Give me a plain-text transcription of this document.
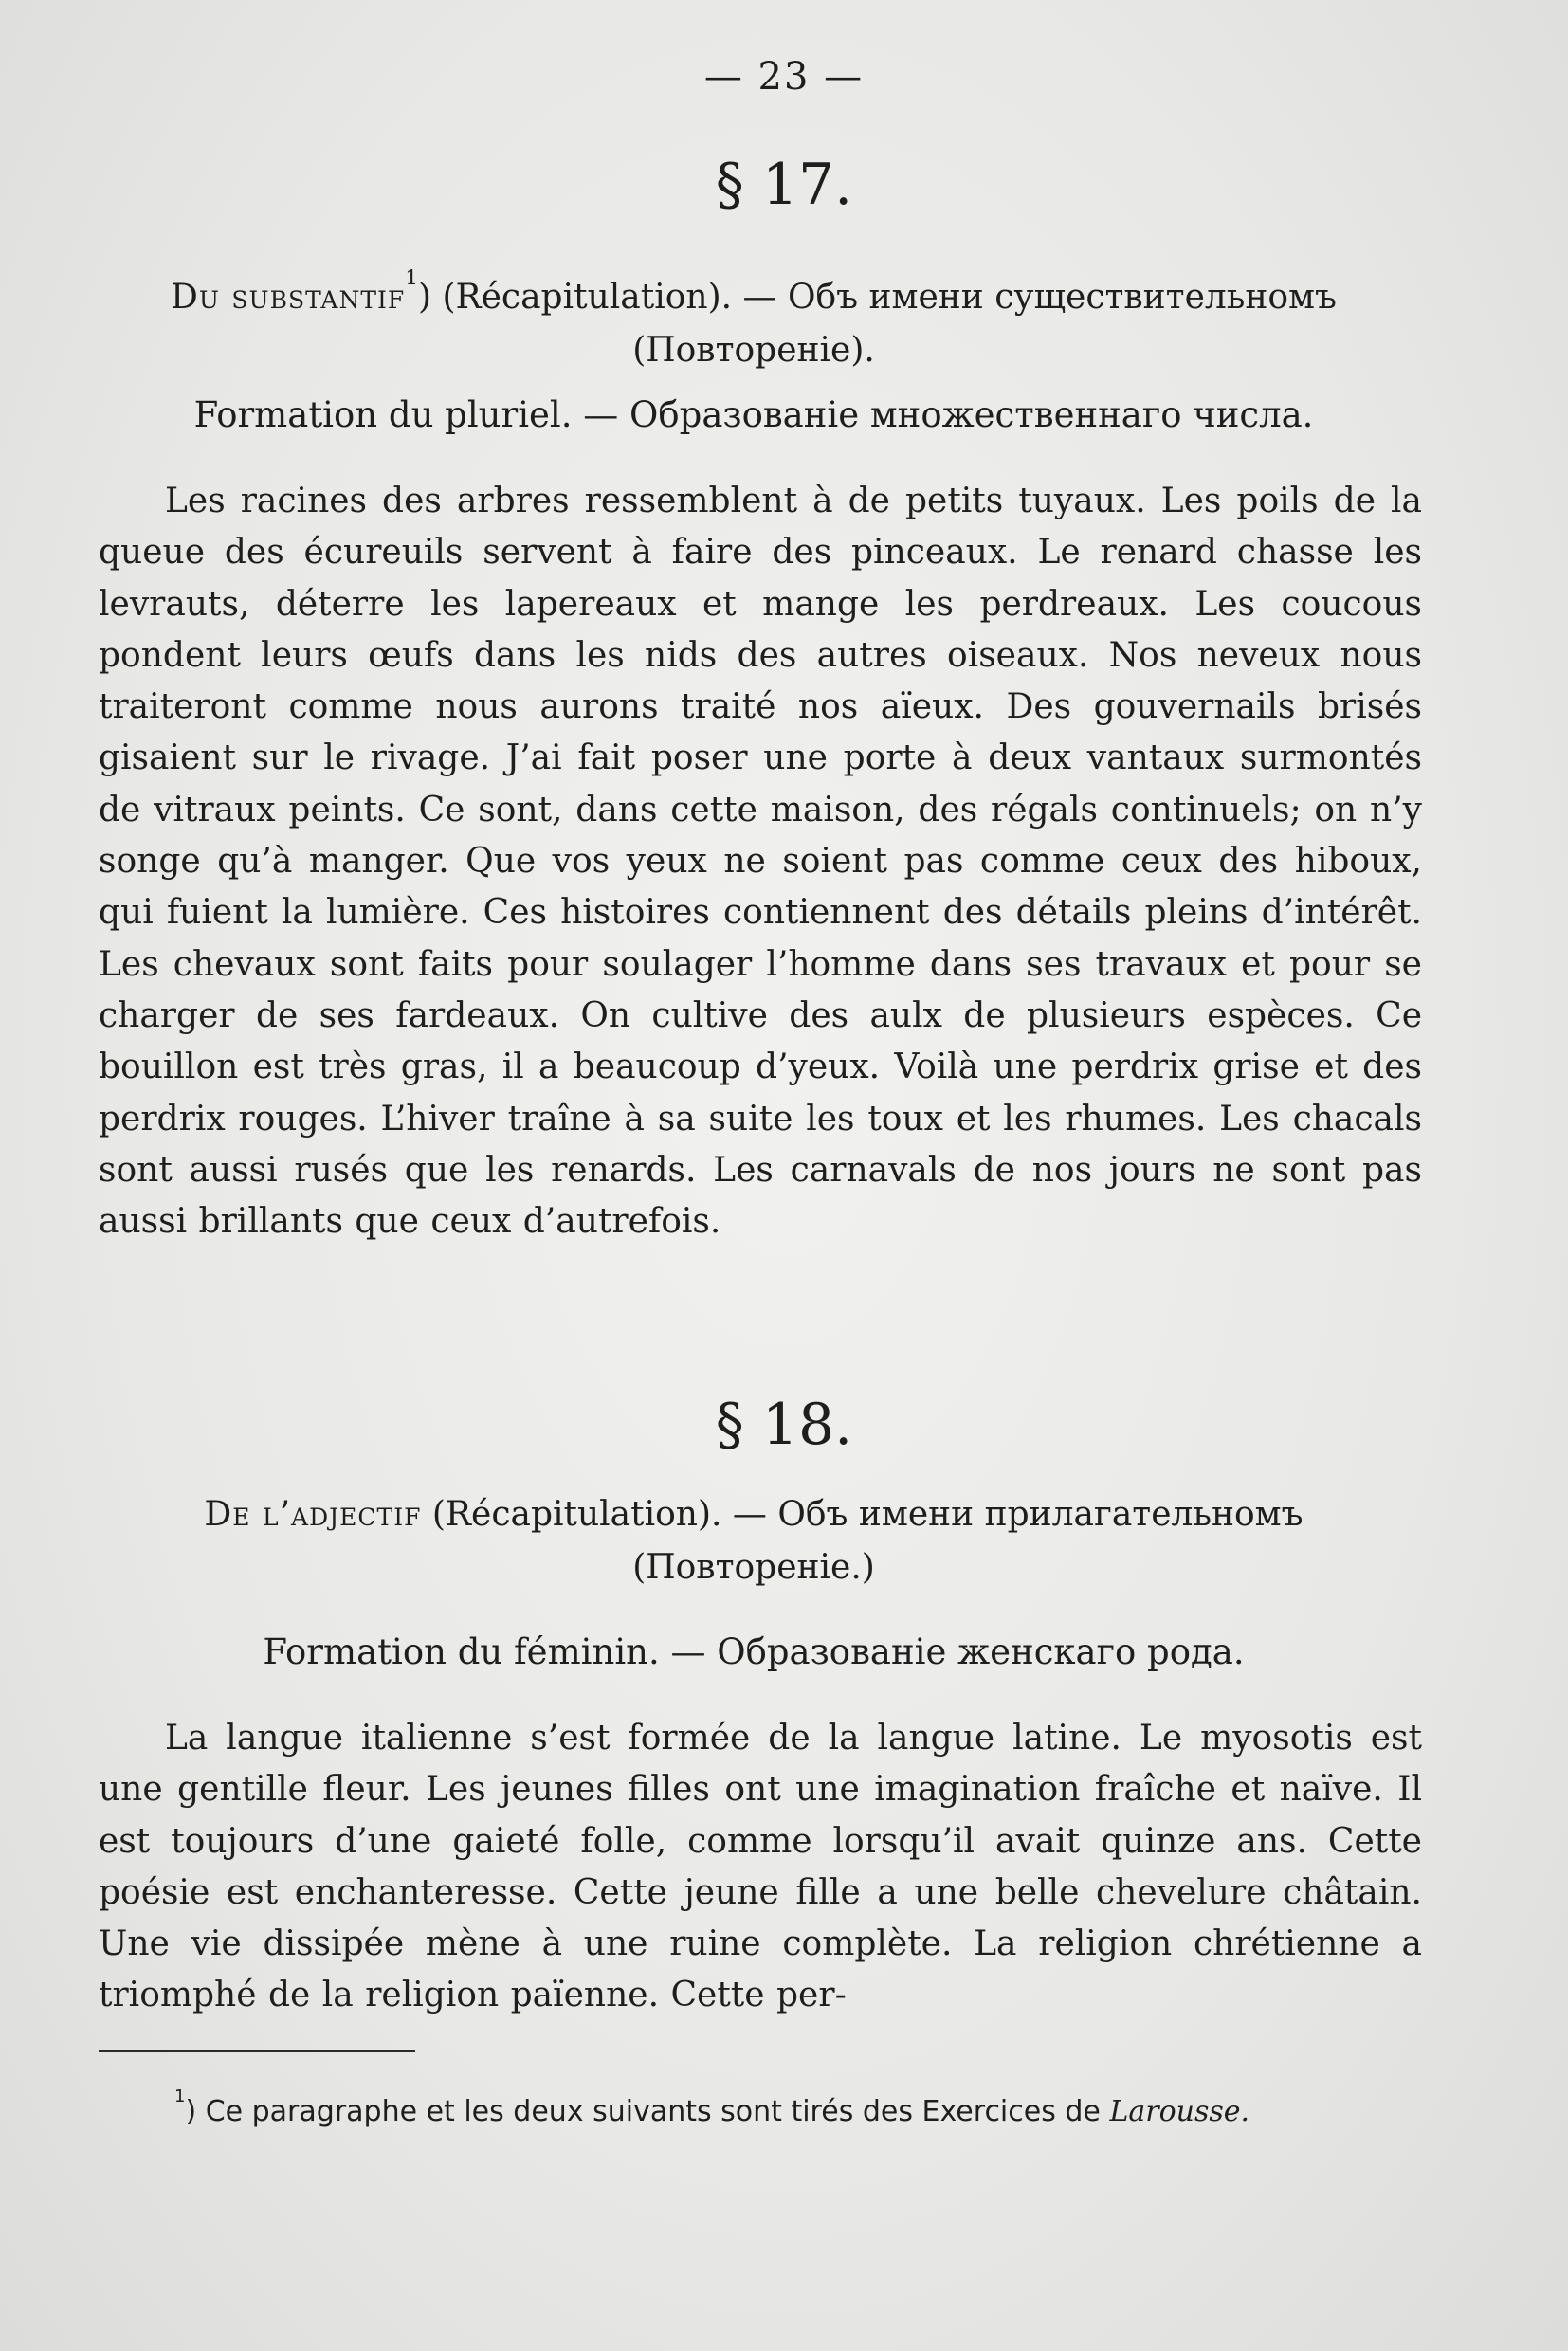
— 23 —
§ 17.
Du substantif$^1$) (Récapitulation). — Объ имени существительномъ
(Повтореніе).
Formation du pluriel. — Образованіе множественнаго числа.

Les racines des arbres ressemblent à de petits tuyaux. Les poils de la queue des écureuils servent à faire des pinceaux. Le renard chasse les levrauts, déterre les lapereaux et mange les perdreaux. Les coucous pondent leurs œufs dans les nids des autres oiseaux. Nos neveux nous traiteront comme nous aurons traité nos aïeux. Des gouvernails brisés gisaient sur le rivage. J’ai fait poser une porte à deux vantaux surmontés de vitraux peints. Ce sont, dans cette maison, des régals continuels; on n’y songe qu’à manger. Que vos yeux ne soient pas comme ceux des hiboux, qui fuient la lumière. Ces histoires contiennent des détails pleins d’intérêt. Les chevaux sont faits pour soulager l’homme dans ses travaux et pour se charger de ses fardeaux. On cultive des aulx de plusieurs espèces. Ce bouillon est très gras, il a beaucoup d’yeux. Voilà une perdrix grise et des perdrix rouges. L’hiver traîne à sa suite les toux et les rhumes. Les chacals sont aussi rusés que les renards. Les carnavals de nos jours ne sont pas aussi brillants que ceux d’autrefois.

§ 18.
De l’adjectif (Récapitulation). — Объ имени прилагательномъ
(Повтореніе.)
Formation du féminin. — Образованіе женскаго рода.

La langue italienne s’est formée de la langue latine. Le myosotis est une gentille fleur. Les jeunes filles ont une imagination fraîche et naïve. Il est toujours d’une gaieté folle, comme lorsqu’il avait quinze ans. Cette poésie est enchanteresse. Cette jeune fille a une belle chevelure châtain. Une vie dissipée mène à une ruine complète. La religion chrétienne a triomphé de la religion païenne. Cette per-

$^1$) Ce paragraphe et les deux suivants sont tirés des Exercices de Larousse.
